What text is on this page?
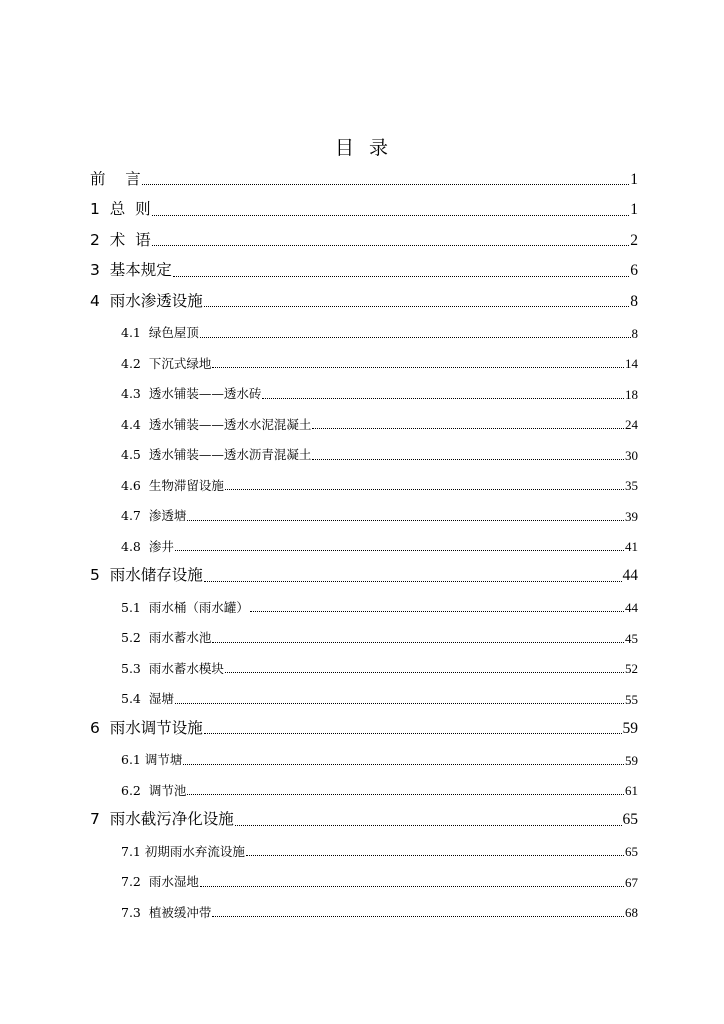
目  录
前    言	1
1  总  则	1
2  术  语	2
3  基本规定	6
4  雨水渗透设施	8
4.1  绿色屋顶	8
4.2  下沉式绿地	14
4.3  透水铺装——透水砖	18
4.4  透水铺装——透水水泥混凝土	24
4.5  透水铺装——透水沥青混凝土	30
4.6  生物滞留设施	35
4.7  渗透塘	39
4.8  渗井	41
5  雨水储存设施	44
5.1  雨水桶（雨水罐）	44
5.2  雨水蓄水池	45
5.3  雨水蓄水模块	52
5.4  湿塘	55
6  雨水调节设施	59
6.1 调节塘	59
6.2  调节池	61
7  雨水截污净化设施	65
7.1 初期雨水弃流设施	65
7.2  雨水湿地	67
7.3  植被缓冲带	68
